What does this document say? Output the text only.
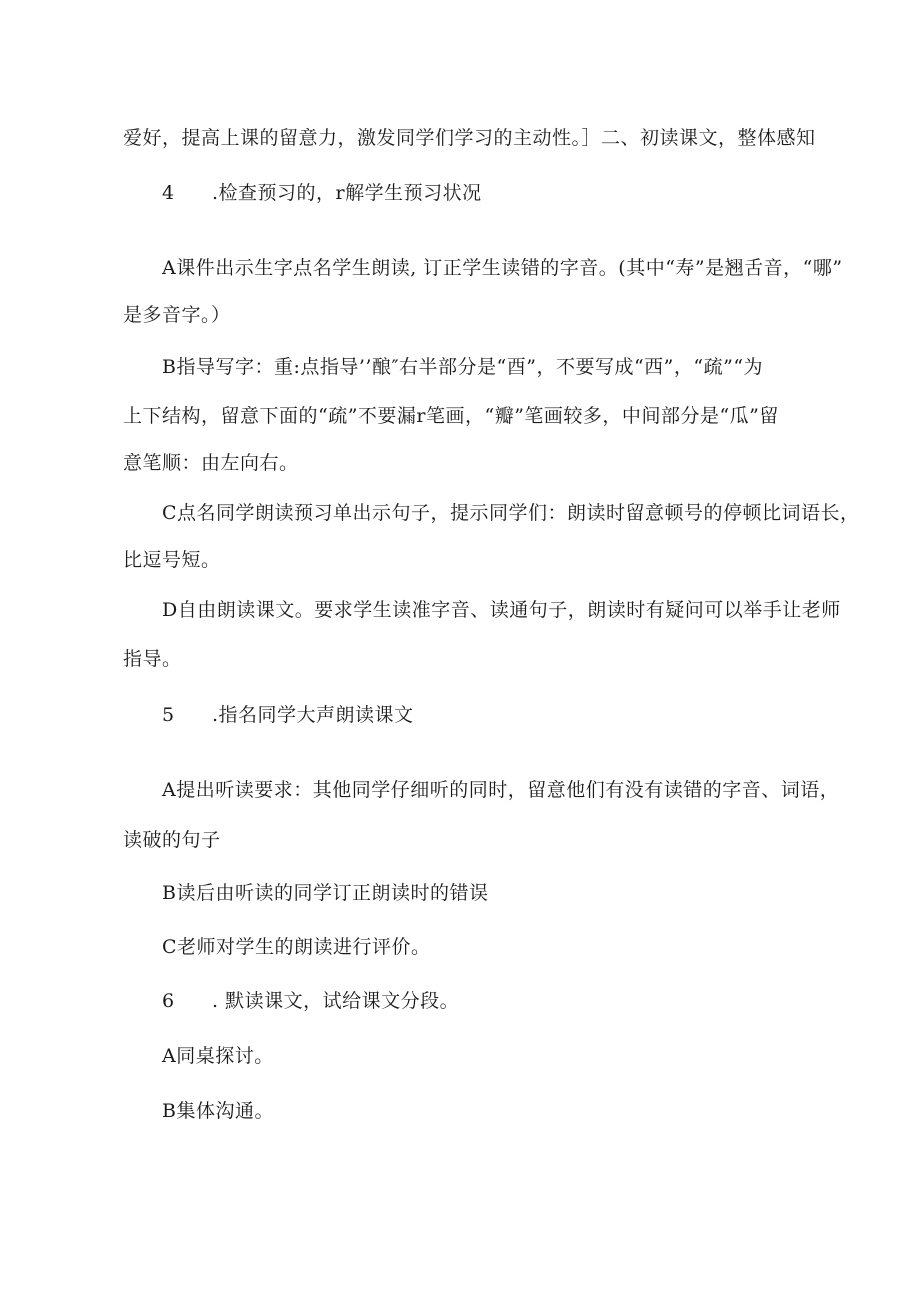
爱好，提高上课的留意力，激发同学们学习的主动性。］二、初读课文，整体感知
4 .检查预习的，r解学生预习状况
A课件出示生字点名学生朗读, 订正学生读错的字音。(其中“寿”是翘舌音，“哪”
是多音字。）
B指导写字：重:点指导’’酿″右半部分是“酉”，不要写成“西”，“疏”“为
上下结构，留意下面的“疏”不要漏r笔画，“瓣”笔画较多，中间部分是“瓜”留
意笔顺：由左向右。
C点名同学朗读预习单出示句子，提示同学们：朗读时留意顿号的停顿比词语长，
比逗号短。
D自由朗读课文。要求学生读准字音、读通句子，朗读时有疑问可以举手让老师
指导。
5 .指名同学大声朗读课文
A提出听读要求：其他同学仔细听的同时，留意他们有没有读错的字音、词语，
读破的句子
B读后由听读的同学订正朗读时的错误
C老师对学生的朗读进行评价。
6 . 默读课文，试给课文分段。
A同桌探讨。
B集体沟通。
